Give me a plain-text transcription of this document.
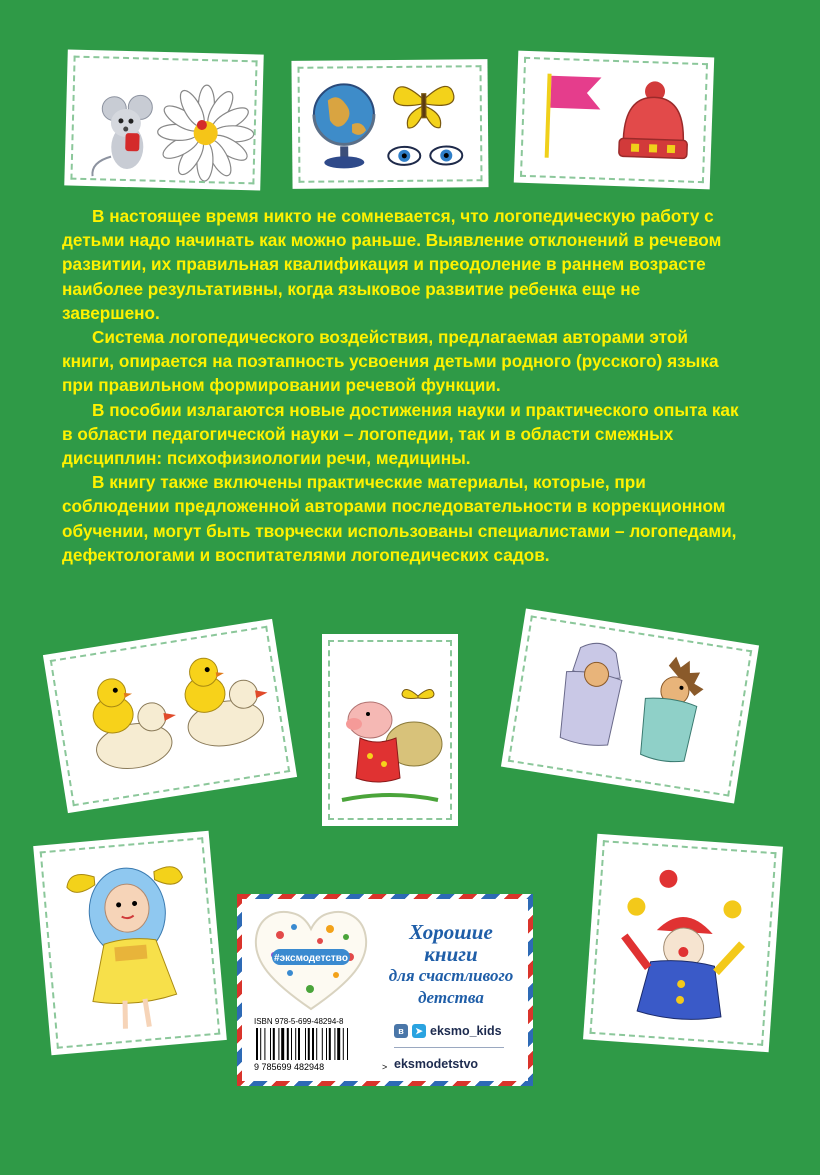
В настоящее время никто не сомневается, что логопедическую работу с детьми надо начинать как можно раньше. Выявление отклонений в речевом развитии, их правильная квалификация и преодоление в раннем возрасте наиболее результативны, когда языковое развитие ребенка еще не завершено.

Система логопедического воздействия, предлагаемая авторами этой книги, опирается на поэтапность усвоения детьми родного (русского) языка при правильном формировании речевой функции.

В пособии излагаются новые достижения науки и практического опыта как в области педагогической науки – логопедии, так и в области смежных дисциплин: психофизиологии речи, медицины.

В книгу также включены практические материалы, которые, при соблюдении предложенной авторами последовательности в коррекционном обучении, могут быть творчески использованы специалистами – логопедами, дефектологами и воспитателями логопедических садов.

#эксмодетство
Хорошие
книги
для счастливого
детства
ISBN 978-5-699-48294-8
9 785699 482948	>
в	➤ eksmo_kids
eksmodetstvo
